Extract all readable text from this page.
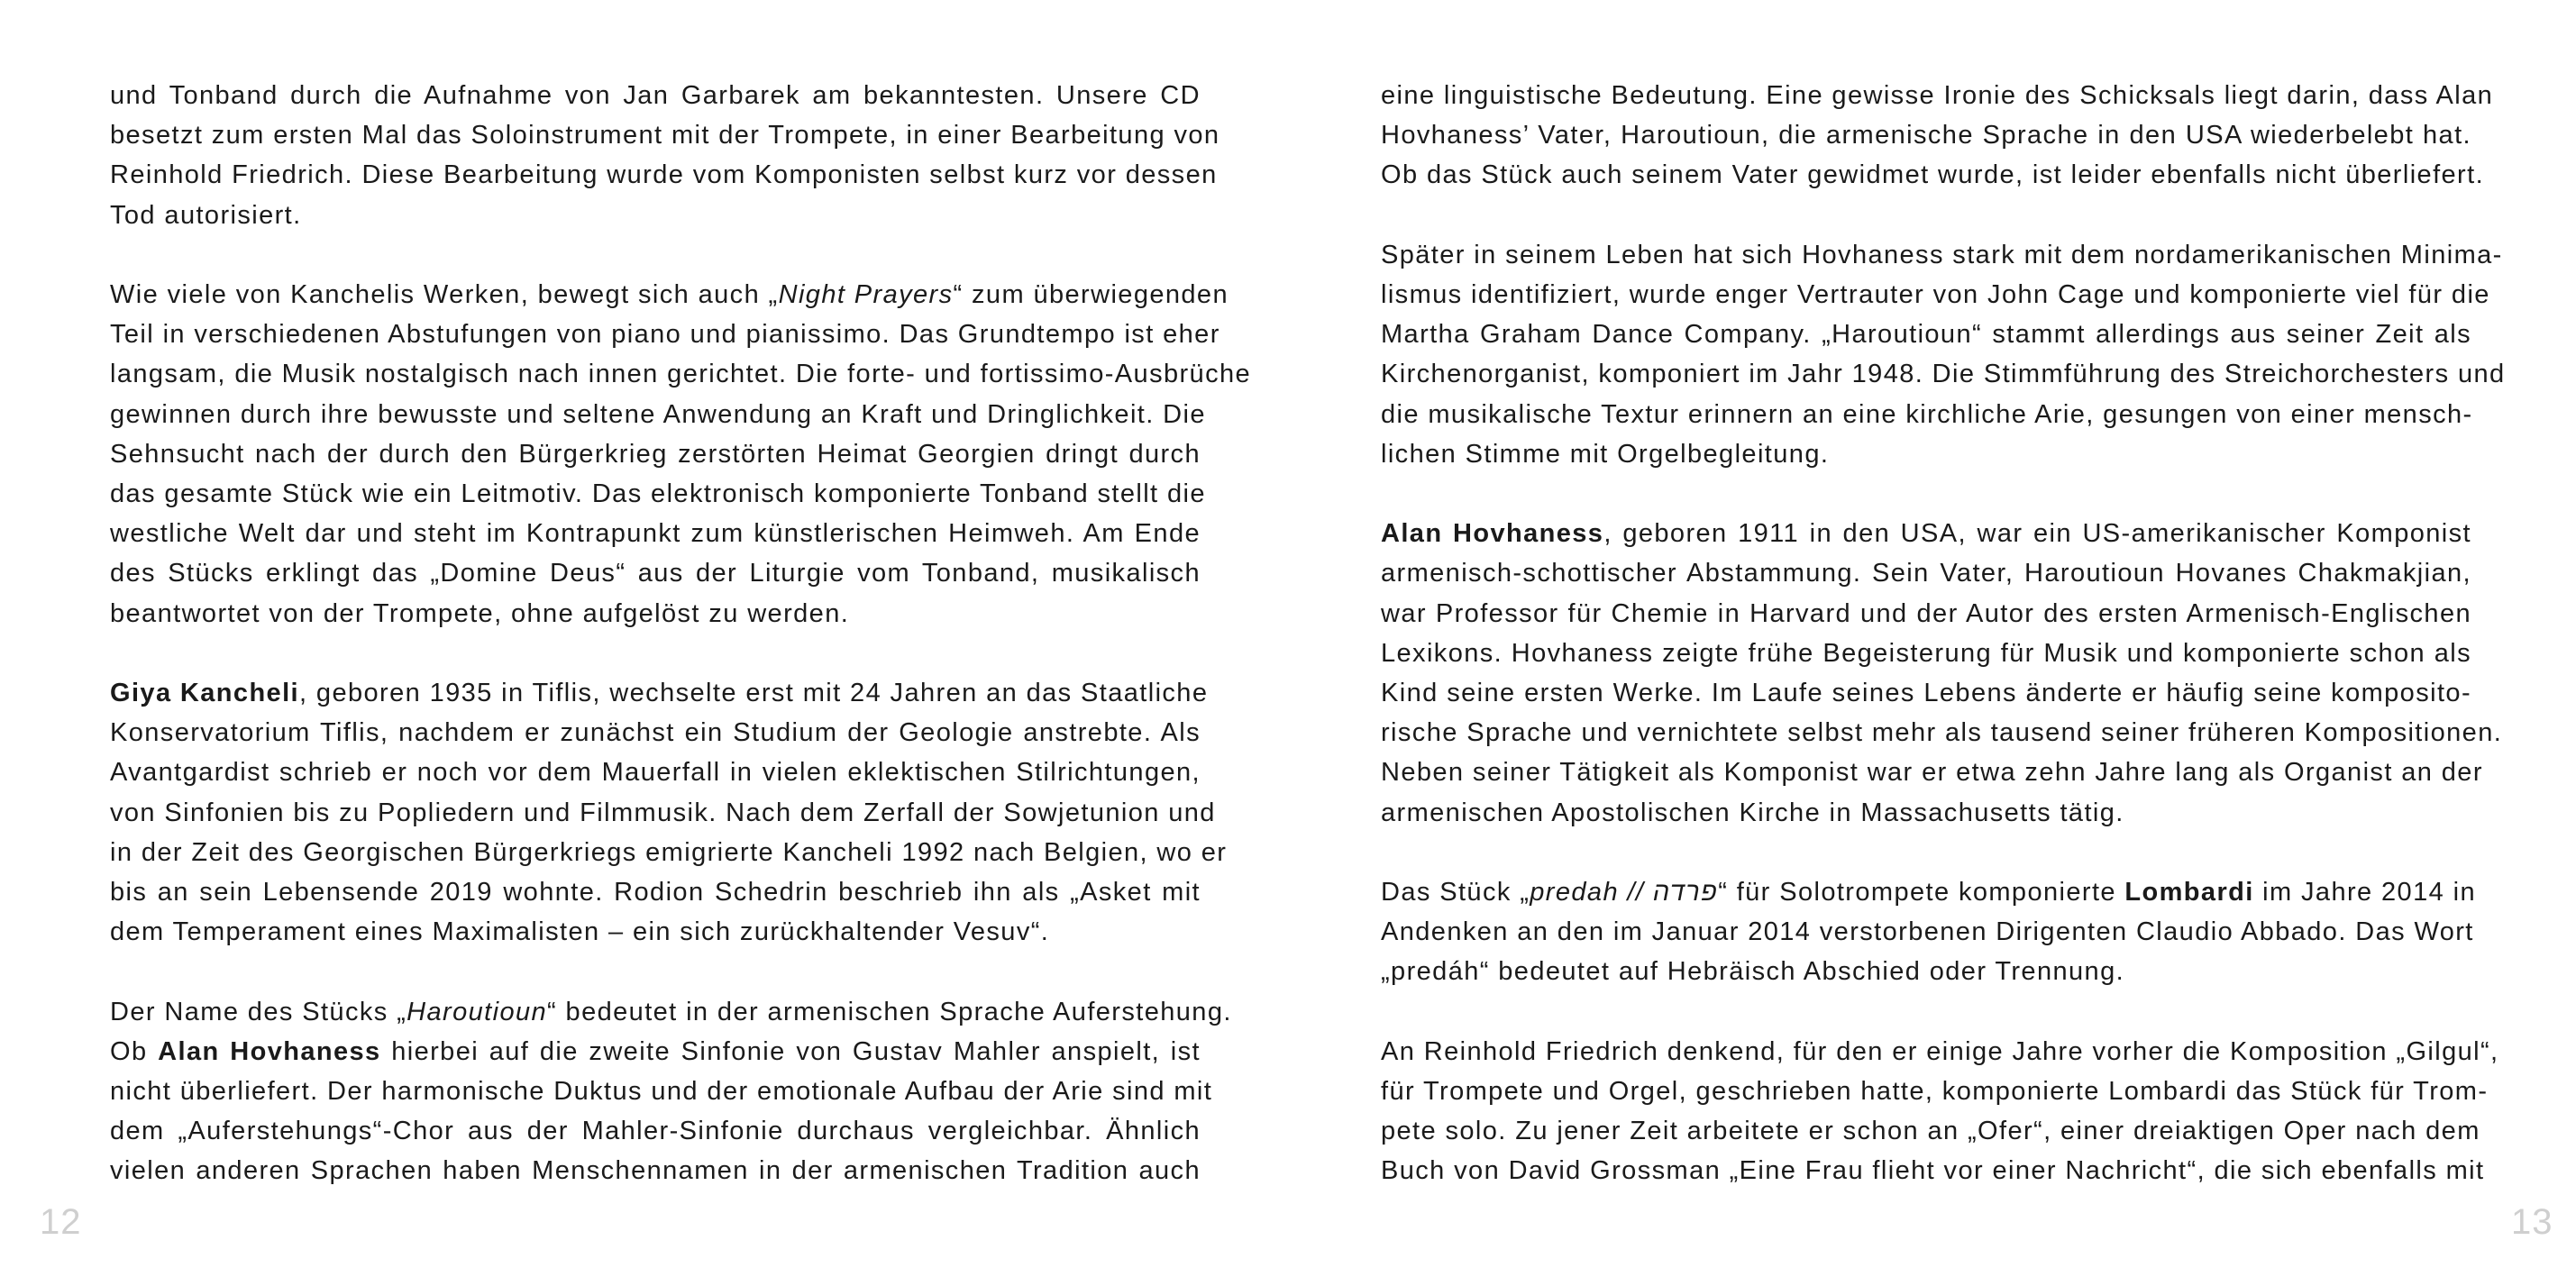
und Tonband durch die Aufnahme von Jan Garbarek am bekanntesten. Unsere CD
besetzt zum ersten Mal das Soloinstrument mit der Trompete, in einer Bearbeitung von
Reinhold Friedrich. Diese Bearbeitung wurde vom Komponisten selbst kurz vor dessen
Tod autorisiert.

Wie viele von Kanchelis Werken, bewegt sich auch „Night Prayers“ zum überwiegenden
Teil in verschiedenen Abstufungen von piano und pianissimo. Das Grundtempo ist eher
langsam, die Musik nostalgisch nach innen gerichtet. Die forte- und fortissimo-Ausbrüche
gewinnen durch ihre bewusste und seltene Anwendung an Kraft und Dringlichkeit. Die
Sehnsucht nach der durch den Bürgerkrieg zerstörten Heimat Georgien dringt durch
das gesamte Stück wie ein Leitmotiv. Das elektronisch komponierte Tonband stellt die
westliche Welt dar und steht im Kontrapunkt zum künstlerischen Heimweh. Am Ende
des Stücks erklingt das „Domine Deus“ aus der Liturgie vom Tonband, musikalisch
beantwortet von der Trompete, ohne aufgelöst zu werden.

Giya Kancheli, geboren 1935 in Tiflis, wechselte erst mit 24 Jahren an das Staatliche
Konservatorium Tiflis, nachdem er zunächst ein Studium der Geologie anstrebte. Als
Avantgardist schrieb er noch vor dem Mauerfall in vielen eklektischen Stilrichtungen,
von Sinfonien bis zu Popliedern und Filmmusik. Nach dem Zerfall der Sowjetunion und
in der Zeit des Georgischen Bürgerkriegs emigrierte Kancheli 1992 nach Belgien, wo er
bis an sein Lebensende 2019 wohnte. Rodion Schedrin beschrieb ihn als „Asket mit
dem Temperament eines Maximalisten – ein sich zurückhaltender Vesuv“.

Der Name des Stücks „Haroutioun“ bedeutet in der armenischen Sprache Auferstehung.
Ob Alan Hovhaness hierbei auf die zweite Sinfonie von Gustav Mahler anspielt, ist
nicht überliefert. Der harmonische Duktus und der emotionale Aufbau der Arie sind mit
dem „Auferstehungs“-Chor aus der Mahler-Sinfonie durchaus vergleichbar. Ähnlich
vielen anderen Sprachen haben Menschennamen in der armenischen Tradition auch

eine linguistische Bedeutung. Eine gewisse Ironie des Schicksals liegt darin, dass Alan
Hovhaness’ Vater, Haroutioun, die armenische Sprache in den USA wiederbelebt hat.
Ob das Stück auch seinem Vater gewidmet wurde, ist leider ebenfalls nicht überliefert.

Später in seinem Leben hat sich Hovhaness stark mit dem nordamerikanischen Minima-
lismus identifiziert, wurde enger Vertrauter von John Cage und komponierte viel für die
Martha Graham Dance Company. „Haroutioun“ stammt allerdings aus seiner Zeit als
Kirchenorganist, komponiert im Jahr 1948. Die Stimmführung des Streichorchesters und
die musikalische Textur erinnern an eine kirchliche Arie, gesungen von einer mensch-
lichen Stimme mit Orgelbegleitung.

Alan Hovhaness, geboren 1911 in den USA, war ein US-amerikanischer Komponist
armenisch-schottischer Abstammung. Sein Vater, Haroutioun Hovanes Chakmakjian,
war Professor für Chemie in Harvard und der Autor des ersten Armenisch-Englischen
Lexikons. Hovhaness zeigte frühe Begeisterung für Musik und komponierte schon als
Kind seine ersten Werke. Im Laufe seines Lebens änderte er häufig seine komposito-
rische Sprache und vernichtete selbst mehr als tausend seiner früheren Kompositionen.
Neben seiner Tätigkeit als Komponist war er etwa zehn Jahre lang als Organist an der
armenischen Apostolischen Kirche in Massachusetts tätig.

Das Stück „predah // פרדה“ für Solotrompete komponierte Lombardi im Jahre 2014 in
Andenken an den im Januar 2014 verstorbenen Dirigenten Claudio Abbado. Das Wort
„predáh“ bedeutet auf Hebräisch Abschied oder Trennung.

An Reinhold Friedrich denkend, für den er einige Jahre vorher die Komposition „Gilgul“,
für Trompete und Orgel, geschrieben hatte, komponierte Lombardi das Stück für Trom-
pete solo. Zu jener Zeit arbeitete er schon an „Ofer“, einer dreiaktigen Oper nach dem
Buch von David Grossman „Eine Frau flieht vor einer Nachricht“, die sich ebenfalls mit

12	13
